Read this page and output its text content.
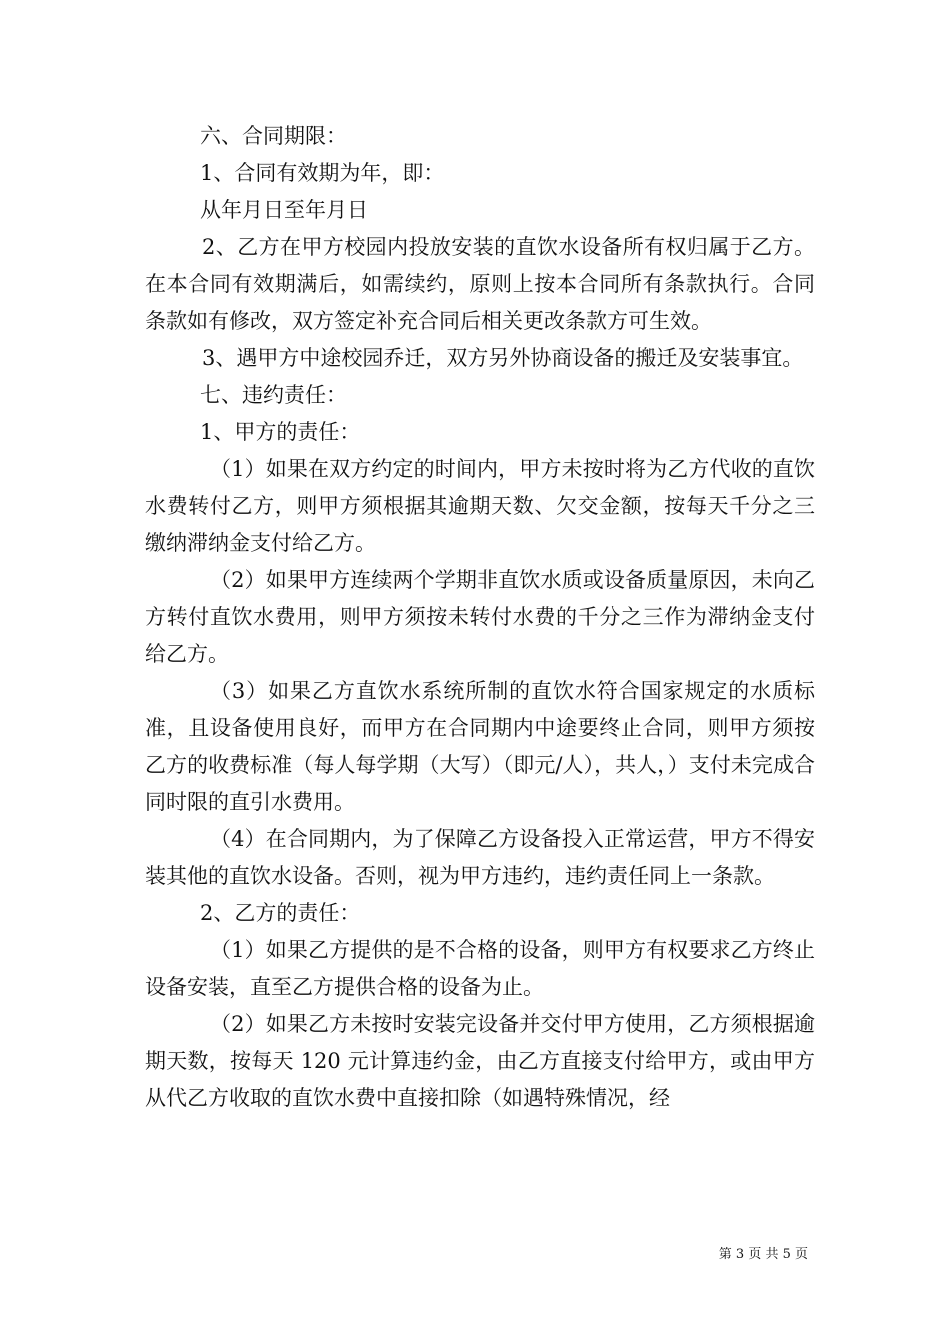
六、合同期限：

1、合同有效期为年，即：

从年月日至年月日

2、乙方在甲方校园内投放安装的直饮水设备所有权归属于乙方。在本合同有效期满后，如需续约，原则上按本合同所有条款执行。合同条款如有修改，双方签定补充合同后相关更改条款方可生效。

3、遇甲方中途校园乔迁，双方另外协商设备的搬迁及安装事宜。

七、违约责任：

1、甲方的责任：

（1）如果在双方约定的时间内，甲方未按时将为乙方代收的直饮水费转付乙方，则甲方须根据其逾期天数、欠交金额，按每天千分之三缴纳滞纳金支付给乙方。

（2）如果甲方连续两个学期非直饮水质或设备质量原因，未向乙方转付直饮水费用，则甲方须按未转付水费的千分之三作为滞纳金支付给乙方。

（3）如果乙方直饮水系统所制的直饮水符合国家规定的水质标准，且设备使用良好，而甲方在合同期内中途要终止合同，则甲方须按乙方的收费标准（每人每学期（大写）（即元/人），共人，）支付未完成合同时限的直引水费用。

（4）在合同期内，为了保障乙方设备投入正常运营，甲方不得安装其他的直饮水设备。否则，视为甲方违约，违约责任同上一条款。

2、乙方的责任：

（1）如果乙方提供的是不合格的设备，则甲方有权要求乙方终止设备安装，直至乙方提供合格的设备为止。

（2）如果乙方未按时安装完设备并交付甲方使用，乙方须根据逾期天数，按每天 120 元计算违约金，由乙方直接支付给甲方，或由甲方从代乙方收取的直饮水费中直接扣除（如遇特殊情况，经

第 3 页 共 5 页
